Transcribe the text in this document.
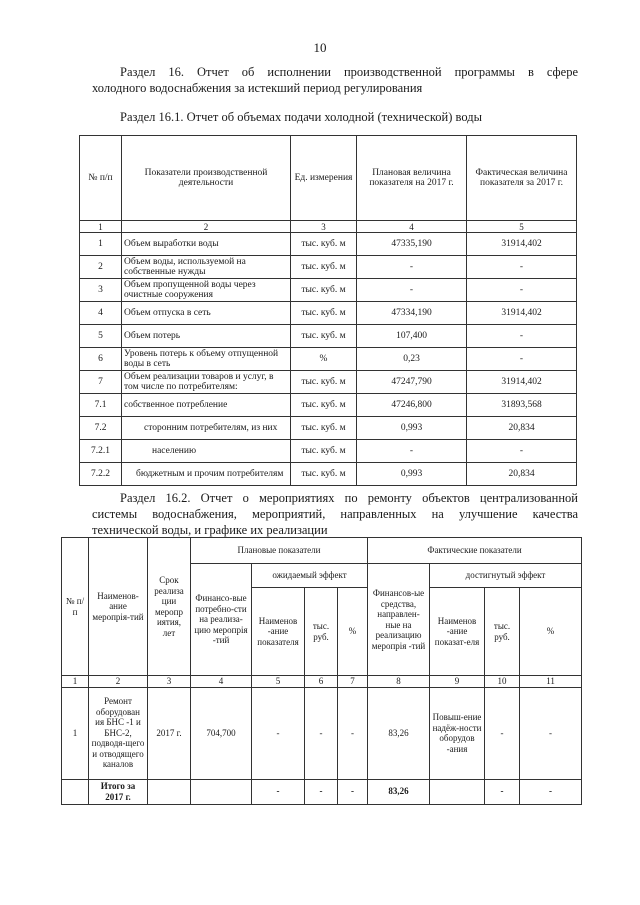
10
Раздел 16. Отчет об исполнении производственной программы в сфере
холодного водоснабжения за истекший период регулирования
Раздел 16.1. Отчет об объемах подачи холодной (технической) воды
№ п/п	Показатели производственной деятельности	Ед. измерения	Плановая величина показателя на 2017 г.	Фактическая величина показателя за 2017 г.
1	2	3	4	5
1	Объем выработки воды	тыс. куб. м	47335,190	31914,402
2	Объем воды, используемой на собственные нужды	тыс. куб. м	-	-
3	Объем пропущенной воды через очистные сооружения	тыс. куб. м	-	-
4	Объем отпуска в сеть	тыс. куб. м	47334,190	31914,402
5	Объем потерь	тыс. куб. м	107,400	-
6	Уровень потерь к объему отпущенной воды в сеть	%	0,23	-
7	Объем реализации товаров и услуг, в том числе по потребителям:	тыс. куб. м	47247,790	31914,402
7.1	собственное потребление	тыс. куб. м	47246,800	31893,568
7.2	сторонним потребителям, из них	тыс. куб. м	0,993	20,834
7.2.1	населению	тыс. куб. м	-	-
7.2.2	бюджетным и прочим потребителям	тыс. куб. м	0,993	20,834
Раздел 16.2. Отчет о мероприятиях по ремонту объектов централизованной
системы водоснабжения, мероприятий, направленных на улучшение качества
технической воды, и графике их реализации
№ п/ п	Наименов-ание меропрія-тий	Срок реализа ции меропр иятия, лет	Плановые показатели				Фактические показатели			
			Финансо-вые потребно-сти на реализа-цию меропрія -тий	ожидаемый эффект			Финансов-ые средства, направлен-ные на реализацию меропрія -тий	достигнутый эффект		
				Наименов -ание показателя	тыс. руб.	%		Наименов -ание показат-еля	тыс. руб.	%
1	2	3	4	5	6	7	8	9	10	11
1	Ремонт оборудован ия БНС -1 и БНС-2, подводя-щего и отводящего каналов	2017 г.	704,700	-	-	-	83,26	Повыш-ение надёж-ности оборудов -ания	-	-
	Итого за 2017 г.			-	-	-	83,26		-	-
